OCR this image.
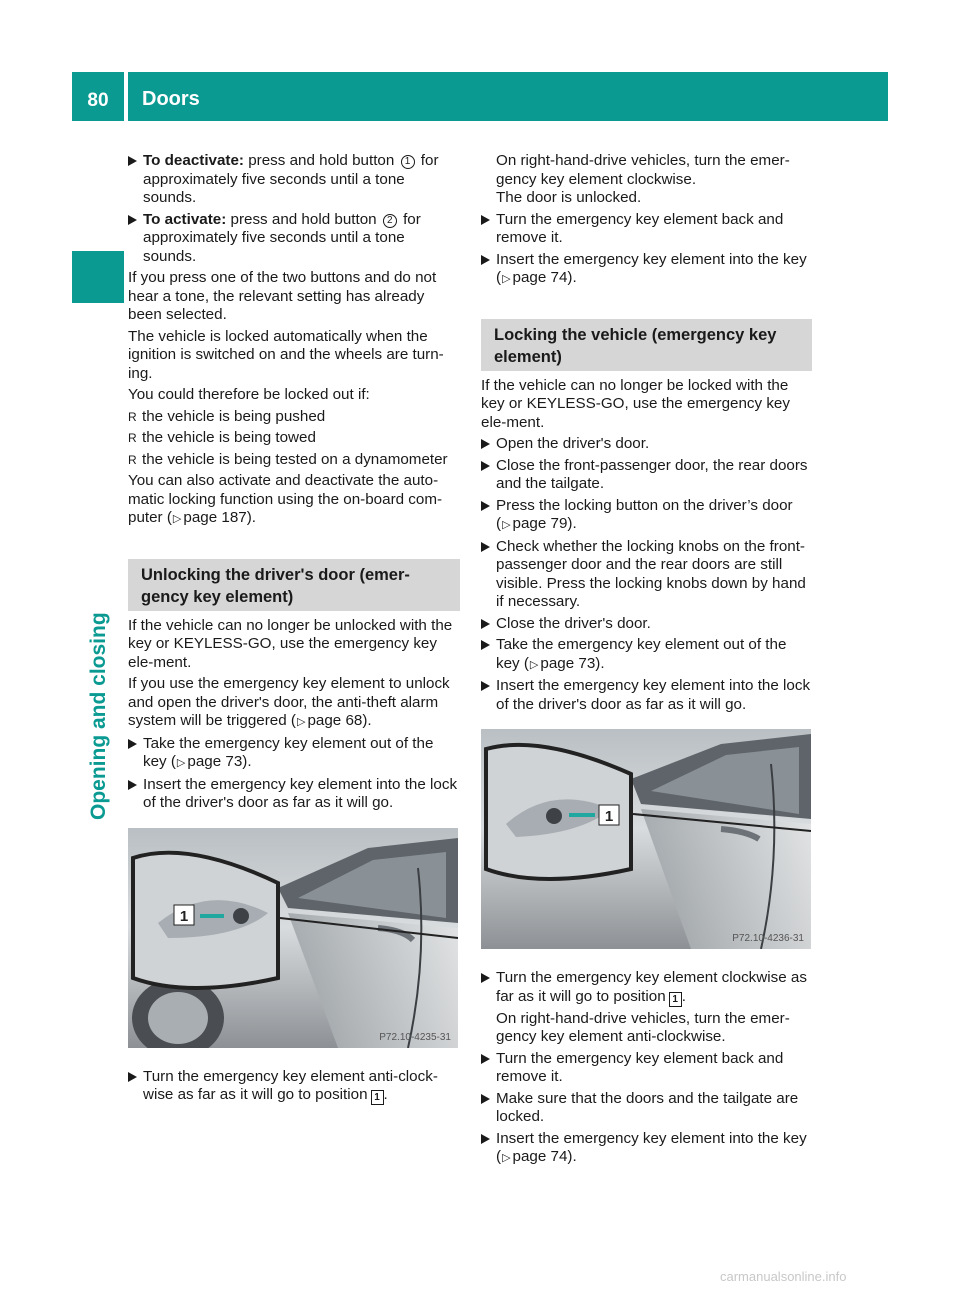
80	Doors
Opening and closing
To deactivate: press and hold button 1 for approximately five seconds until a tone sounds.
To activate: press and hold button 2 for approximately five seconds until a tone sounds.
If you press one of the two buttons and do not hear a tone, the relevant setting has already been selected.
The vehicle is locked automatically when the ignition is switched on and the wheels are turn-ing.
You could therefore be locked out if:
R the vehicle is being pushed
R the vehicle is being towed
R the vehicle is being tested on a dynamometer
You can also activate and deactivate the auto-matic locking function using the on-board com-puter (▷ page 187).
Unlocking the driver's door (emer-gency key element)
If the vehicle can no longer be unlocked with the key or KEYLESS-GO, use the emergency key ele-ment.
If you use the emergency key element to unlock and open the driver's door, the anti-theft alarm system will be triggered (▷ page 68).
Take the emergency key element out of the key (▷ page 73).
Insert the emergency key element into the lock of the driver's door as far as it will go.
1
P72.10-4235-31
Turn the emergency key element anti-clock-wise as far as it will go to position 1 .
On right-hand-drive vehicles, turn the emer-gency key element clockwise.
The door is unlocked.
Turn the emergency key element back and remove it.
Insert the emergency key element into the key (▷ page 74).
Locking the vehicle (emergency key element)
If the vehicle can no longer be locked with the key or KEYLESS-GO, use the emergency key ele-ment.
Open the driver's door.
Close the front-passenger door, the rear doors and the tailgate.
Press the locking button on the driver’s door (▷ page 79).
Check whether the locking knobs on the front-passenger door and the rear doors are still visible. Press the locking knobs down by hand if necessary.
Close the driver's door.
Take the emergency key element out of the key (▷ page 73).
Insert the emergency key element into the lock of the driver's door as far as it will go.
1
P72.10-4236-31
Turn the emergency key element clockwise as far as it will go to position 1 .
On right-hand-drive vehicles, turn the emer-gency key element anti-clockwise.
Turn the emergency key element back and remove it.
Make sure that the doors and the tailgate are locked.
Insert the emergency key element into the key (▷ page 74).
carmanualsonline.info
